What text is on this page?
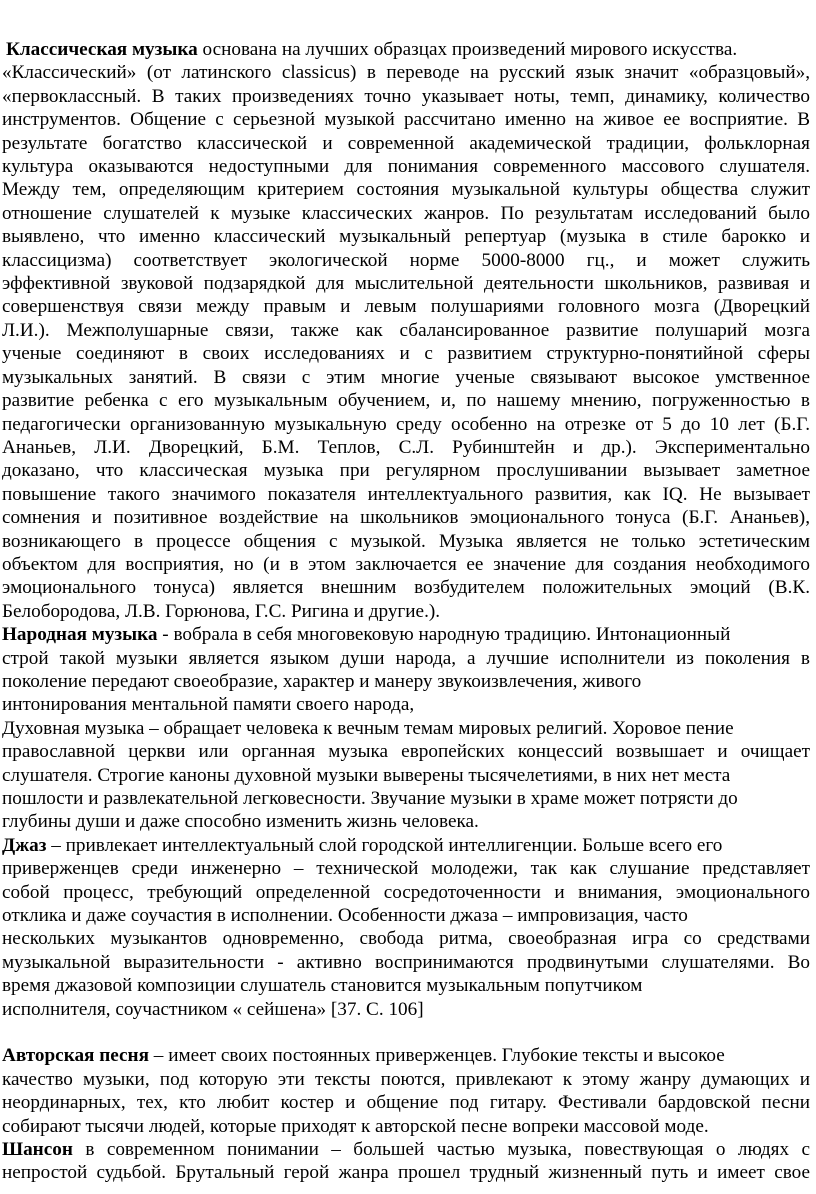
Классическая музыка основана на лучших образцах произведений мирового искусства.
«Классический» (от латинского classicus) в переводе на русский язык значит «образцовый»,
«первоклассный. В таких произведениях точно указывает ноты, темп, динамику, количество
инструментов. Общение с серьезной музыкой рассчитано именно на живое ее восприятие. В
результате богатство классической и современной академической традиции, фольклорная
культура оказываются недоступными для понимания современного массового слушателя.
Между тем, определяющим критерием состояния музыкальной культуры общества служит
отношение слушателей к музыке классических жанров. По результатам исследований было
выявлено, что именно классический музыкальный репертуар (музыка в стиле барокко и
классицизма) соответствует экологической норме 5000-8000 гц., и может служить
эффективной звуковой подзарядкой для мыслительной деятельности школьников, развивая и
совершенствуя связи между правым и левым полушариями головного мозга (Дворецкий
Л.И.). Межполушарные связи, также как сбалансированное развитие полушарий мозга
ученые соединяют в своих исследованиях и с развитием структурно-понятийной сферы
музыкальных занятий. В связи с этим многие ученые связывают высокое умственное
развитие ребенка с его музыкальным обучением, и, по нашему мнению, погруженностью в
педагогически организованную музыкальную среду особенно на отрезке от 5 до 10 лет (Б.Г.
Ананьев, Л.И. Дворецкий, Б.М. Теплов, С.Л. Рубинштейн и др.). Экспериментально
доказано, что классическая музыка при регулярном прослушивании вызывает заметное
повышение такого значимого показателя интеллектуального развития, как IQ. Не вызывает
сомнения и позитивное воздействие на школьников эмоционального тонуса (Б.Г. Ананьев),
возникающего в процессе общения с музыкой. Музыка является не только эстетическим
объектом для восприятия, но (и в этом заключается ее значение для создания необходимого
эмоционального тонуса) является внешним возбудителем положительных эмоций (В.К.
Белобородова, Л.В. Горюнова, Г.С. Ригина и другие.).
Народная музыка - вобрала в себя многовековую народную традицию. Интонационный
строй такой музыки является языком души народа, а лучшие исполнители из поколения в
поколение передают своеобразие, характер и манеру звукоизвлечения, живого
интонирования ментальной памяти своего народа,
Духовная музыка – обращает человека к вечным темам мировых религий. Хоровое пение
православной церкви или органная музыка европейских концессий возвышает и очищает
слушателя. Строгие каноны духовной музыки выверены тысячелетиями, в них нет места
пошлости и развлекательной легковесности. Звучание музыки в храме может потрясти до
глубины души и даже способно изменить жизнь человека.
Джаз – привлекает интеллектуальный слой городской интеллигенции. Больше всего его
приверженцев среди инженерно – технической молодежи, так как слушание представляет
собой процесс, требующий определенной сосредоточенности и внимания, эмоционального
отклика и даже соучастия в исполнении. Особенности джаза – импровизация, часто
нескольких музыкантов одновременно, свобода ритма, своеобразная игра со средствами
музыкальной выразительности - активно воспринимаются продвинутыми слушателями. Во
время джазовой композиции слушатель становится музыкальным попутчиком
исполнителя, соучастником « сейшена» [37. С. 106]
Авторская песня – имеет своих постоянных приверженцев. Глубокие тексты и высокое
качество музыки, под которую эти тексты поются, привлекают к этому жанру думающих и
неординарных, тех, кто любит костер и общение под гитару. Фестивали бардовской песни
собирают тысячи людей, которые приходят к авторской песне вопреки массовой моде.
Шансон в современном понимании – большей частью музыка, повествующая о людях с
непростой судьбой. Брутальный герой жанра прошел трудный жизненный путь и имеет свое
